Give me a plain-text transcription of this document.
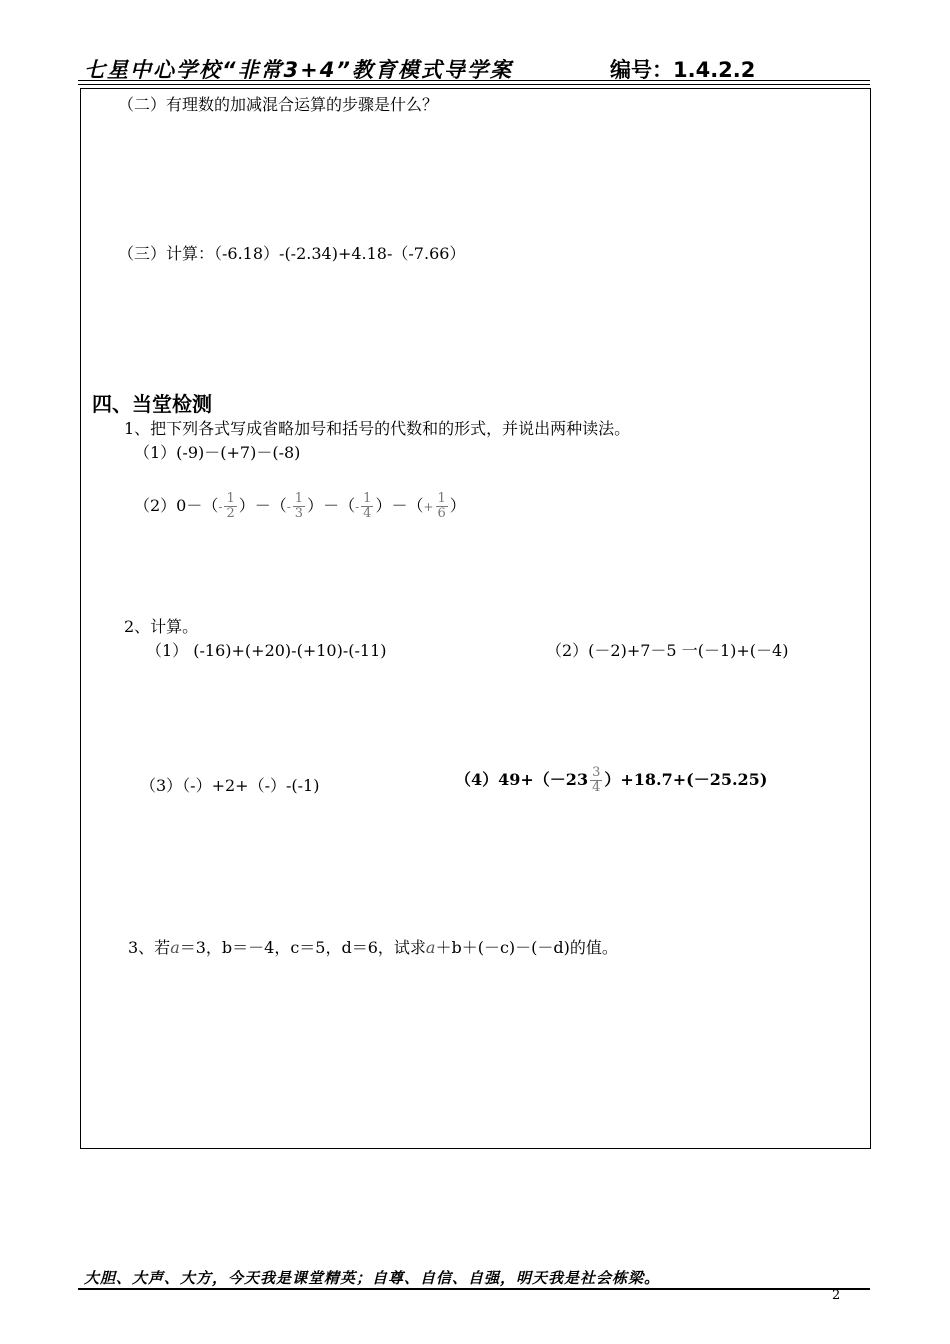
七星中心学校“非常3+4”教育模式导学案	编号：1.4.2.2
（二）有理数的加减混合运算的步骤是什么？
（三）计算：（-6.18）-(-2.34)+4.18-（-7.66）
四、当堂检测
1、把下列各式写成省略加号和括号的代数和的形式，并说出两种读法。
（1）(-9)－(+7)－(-8)
$(2)0-(- \frac{1}{2}$ ）－（- $\frac{1}{3}$ ）－（- $\frac{1}{4}$ ）－（+ $\frac{1}{6}$ ）
2、计算。
（1） (-16)+(+20)-(+10)-(-11)	（2）(－2)+7－5 一(－1)+(－4)
（3）（-）+2+（-）-(-1)	$(4)49+(-23 \frac{3}{4} )+18.7+(-25.25)$
3、若a＝3，b＝－4，c＝5，d＝6，试求a＋b＋(－c)－(－d)的值。
大胆、大声、大方，今天我是课堂精英；自尊、自信、自强，明天我是社会栋梁。
2
